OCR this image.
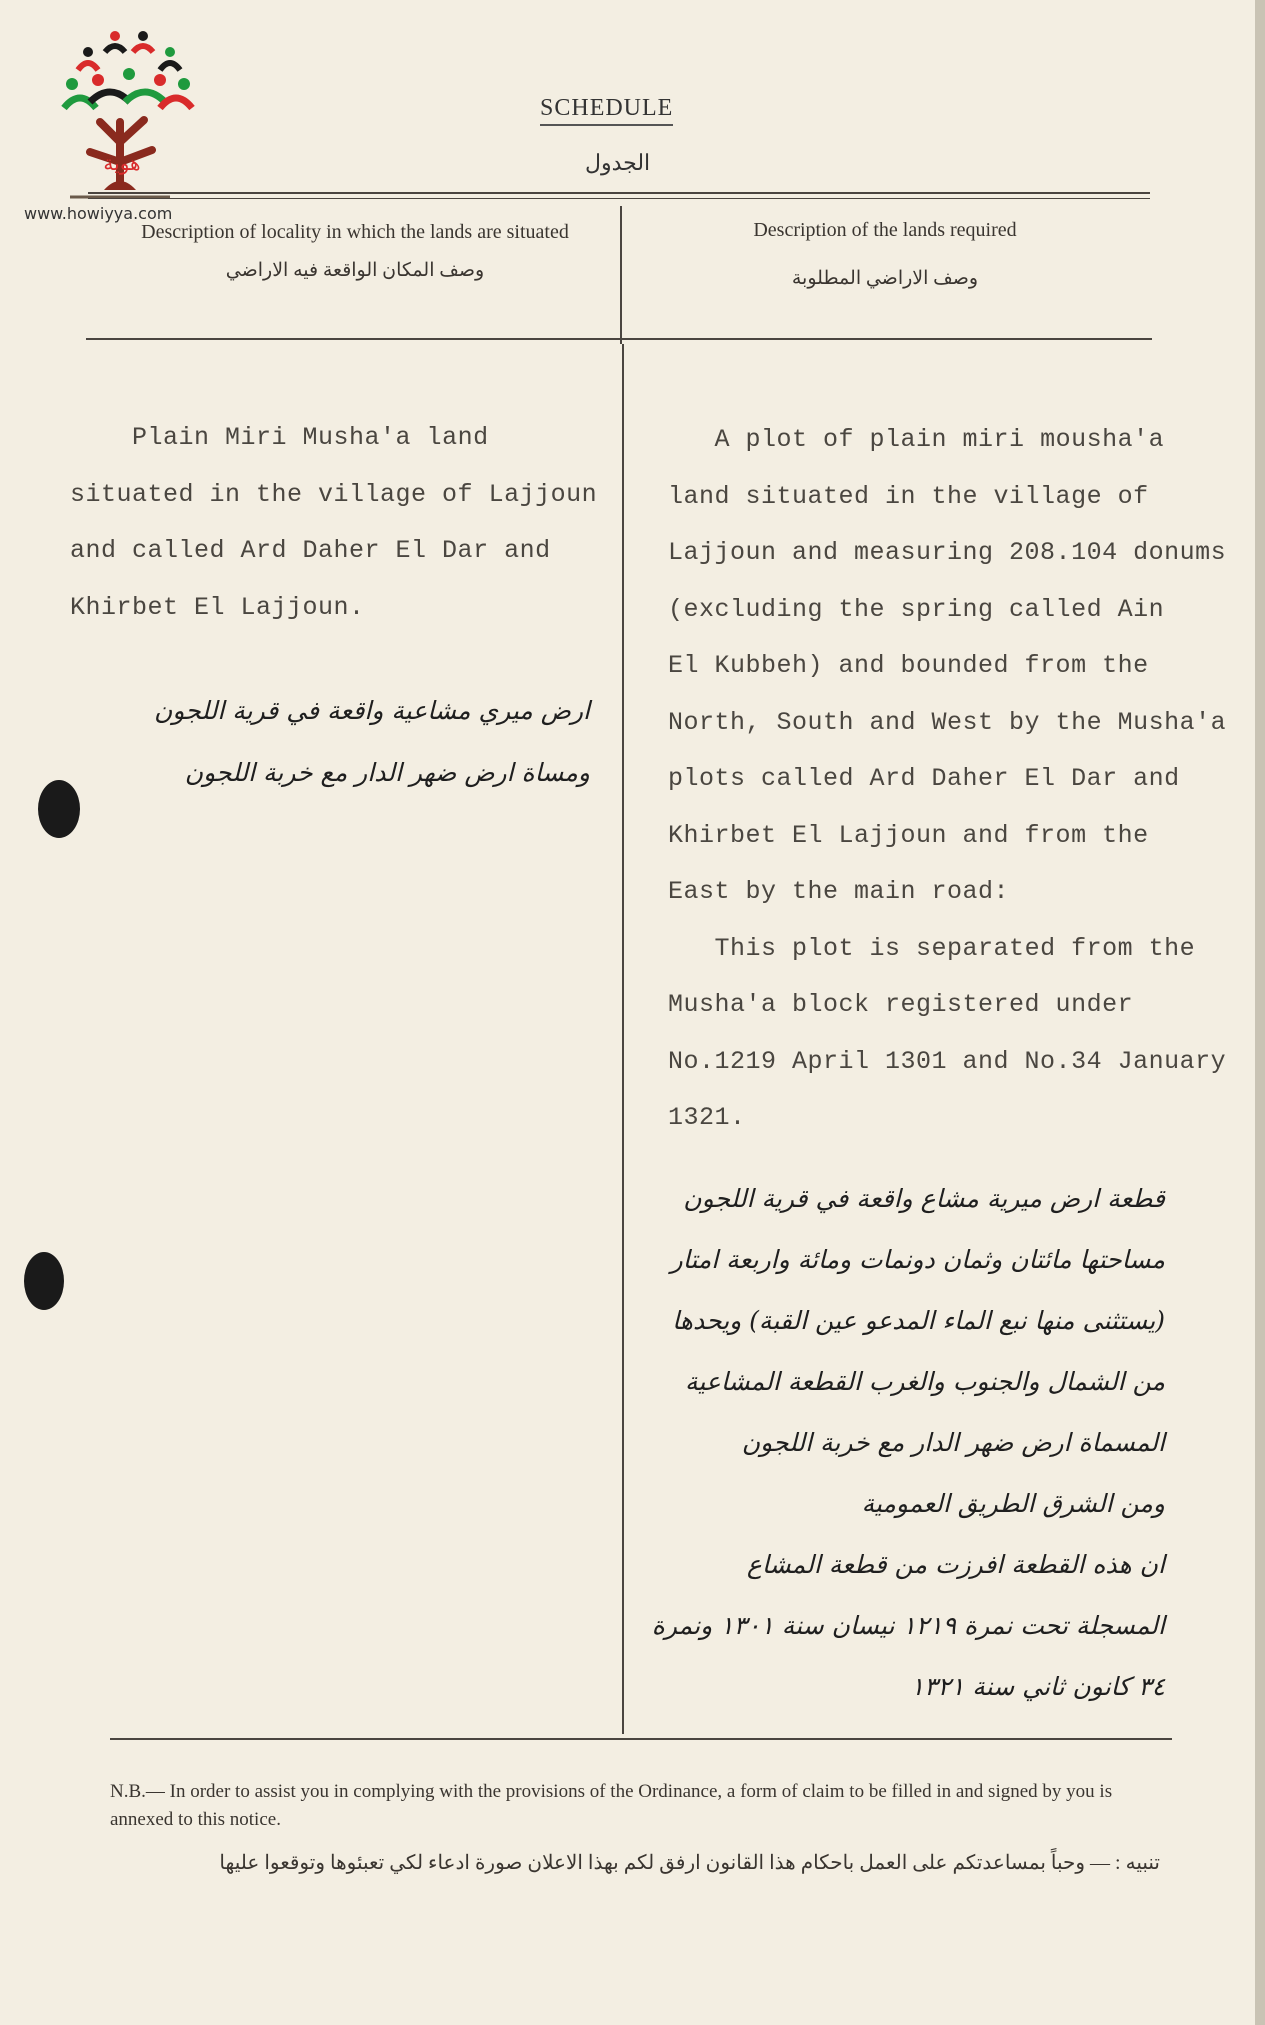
هوية
www.howiyya.com
SCHEDULE
الجدول
Description of locality in which the lands are situated
وصف المكان الواقعة فيه الاراضي
Description of the lands required
وصف الاراضي المطلوبة
Plain Miri Musha'a land
situated in the village of Lajjoun
and called Ard Daher El Dar and
Khirbet El Lajjoun.
ارض ميري مشاعية واقعة في قرية اللجون
ومساة ارض ضهر الدار مع خربة اللجون
A plot of plain miri mousha'a
land situated in the village of
Lajjoun and measuring 208.104 donums
(excluding the spring called Ain
El Kubbeh) and bounded from the
North, South and West by the Musha'a
plots called Ard Daher El Dar and
Khirbet El Lajjoun and from the
East by the main road:
This plot is separated from the
Musha'a block registered under
No.1219 April 1301 and No.34 January
1321.
قطعة ارض ميرية مشاع واقعة في قرية اللجون
مساحتها مائتان وثمان دونمات ومائة واربعة امتار
(يستثنى منها نبع الماء المدعو عين القبة) ويحدها
من الشمال والجنوب والغرب القطعة المشاعية
المسماة ارض ضهر الدار مع خربة اللجون
ومن الشرق الطريق العمومية
ان هذه القطعة افرزت من قطعة المشاع
المسجلة تحت نمرة ١٢١٩ نيسان سنة ١٣٠١ ونمرة
٣٤ كانون ثاني سنة ١٣٢١
N.B.— In order to assist you in complying with the provisions of the Ordinance, a form of claim to be filled in and signed by you is annexed to this notice.
تنبيه : — وحباً بمساعدتكم على العمل باحكام هذا القانون ارفق لكم بهذا الاعلان صورة ادعاء لكي تعبئوها وتوقعوا عليها
